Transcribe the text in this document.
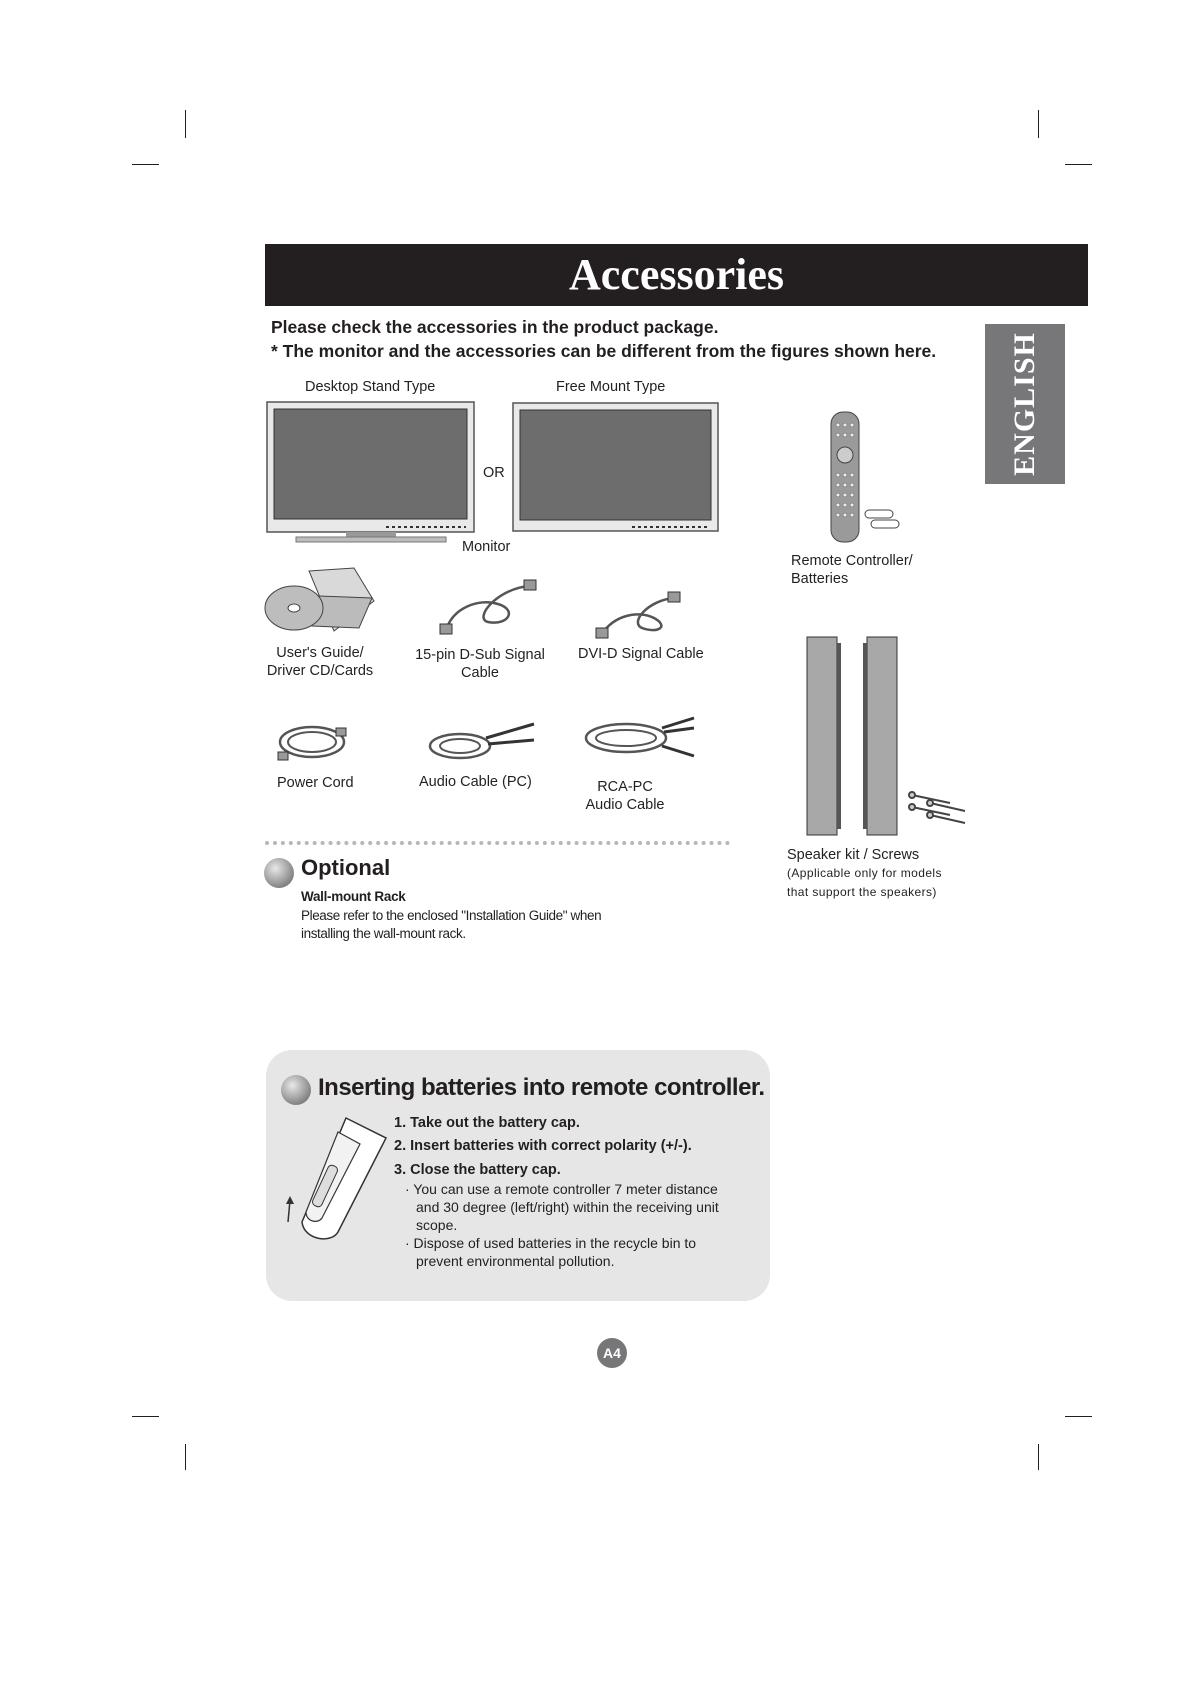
Accessories
Please check the accessories in the product package.
* The monitor and the accessories can be different from the figures shown here. ENGLISH
Desktop Stand Type	Free Mount Type
OR
Monitor
Remote Controller/
Batteries
User's Guide/
Driver CD/Cards
15-pin D-Sub Signal
Cable
DVI-D Signal Cable
Speaker kit / Screws
(Applicable only for models
that support the speakers)
Power Cord	Audio Cable (PC)	RCA-PC
Audio Cable
Optional
Wall-mount Rack
Please refer to the enclosed "Installation Guide" when
installing the wall-mount rack.
Inserting batteries into remote controller.
1. Take out the battery cap.
2. Insert batteries with correct polarity (+/-).
3. Close the battery cap.
· You can use a remote controller 7 meter distance
and 30 degree (left/right) within the receiving unit
scope.
· Dispose of used batteries in the recycle bin to
prevent environmental pollution.
A4
